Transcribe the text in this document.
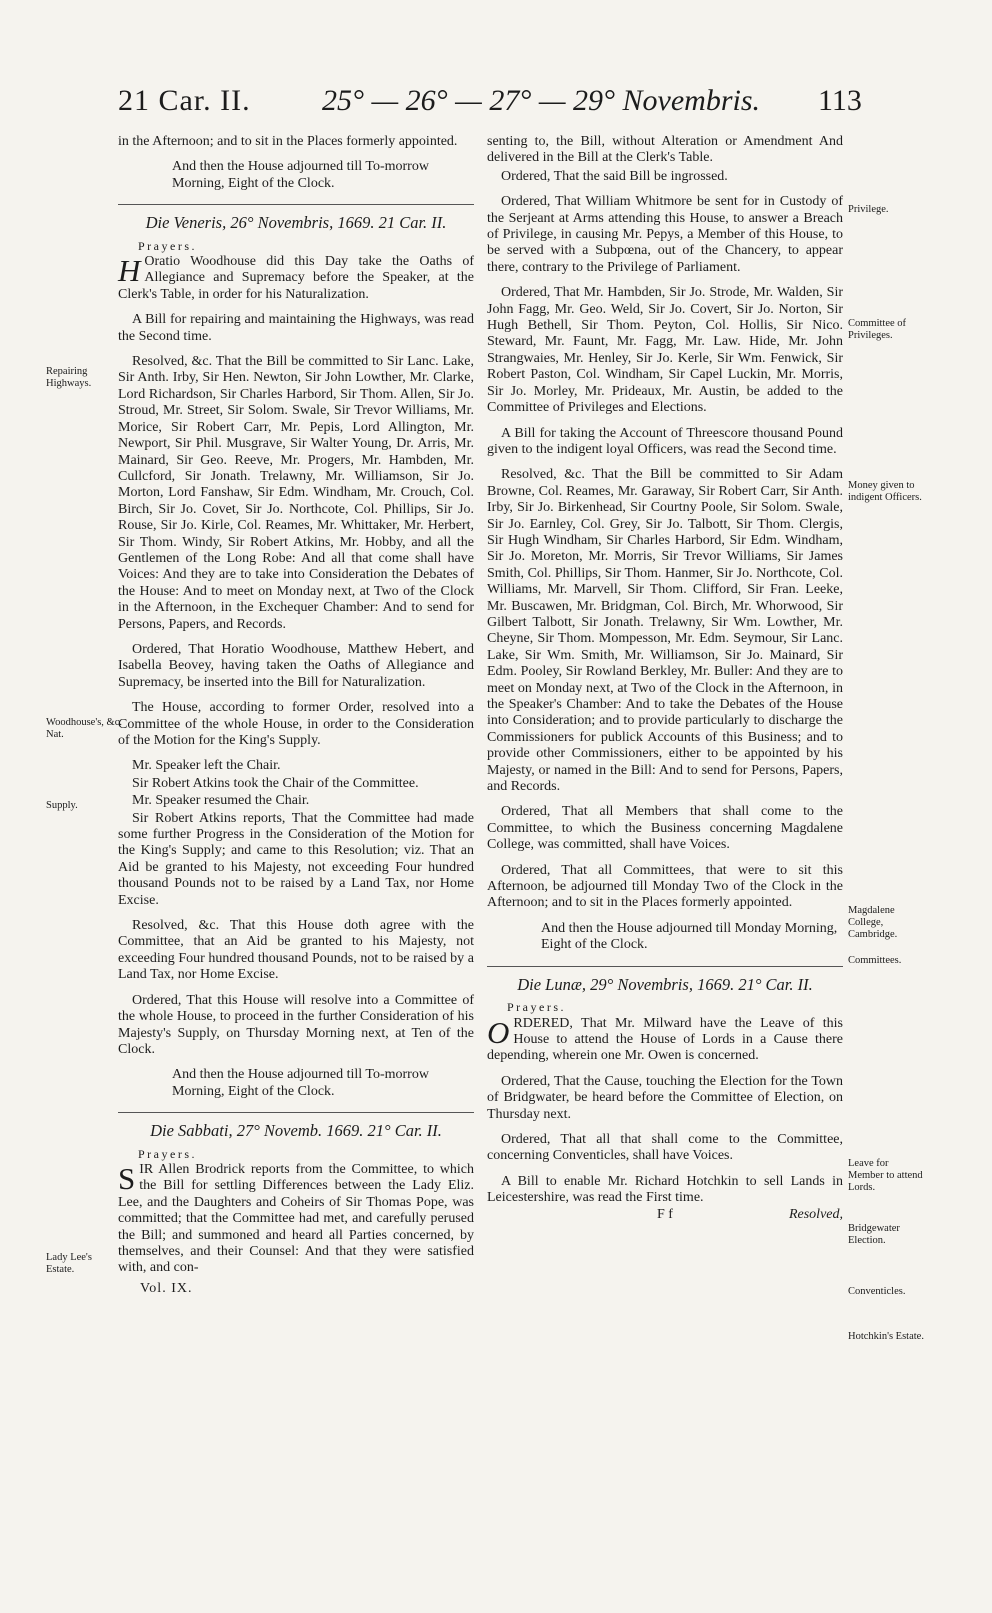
21 Car. II. 25° — 26° — 27° — 29° Novembris. 113

in the Afternoon; and to sit in the Places formerly appointed.

And then the House adjourned till To-morrow Morning, Eight of the Clock.

Die Veneris, 26° Novembris, 1669. 21 Car. II.

Prayers.

H Oratio Woodhouse did this Day take the Oaths of Allegiance and Supremacy before the Speaker, at the Clerk's Table, in order for his Naturalization.

A Bill for repairing and maintaining the Highways, was read the Second time.

Resolved, &c. That the Bill be committed to Sir Lanc. Lake, Sir Anth. Irby, Sir Hen. Newton, Sir John Lowther, Mr. Clarke, Lord Richardson, Sir Charles Harbord, Sir Thom. Allen, Sir Jo. Stroud, Mr. Street, Sir Solom. Swale, Sir Trevor Williams, Mr. Morice, Sir Robert Carr, Mr. Pepis, Lord Allington, Mr. Newport, Sir Phil. Musgrave, Sir Walter Young, Dr. Arris, Mr. Mainard, Sir Geo. Reeve, Mr. Progers, Mr. Hambden, Mr. Cullcford, Sir Jonath. Trelawny, Mr. Williamson, Sir Jo. Morton, Lord Fanshaw, Sir Edm. Windham, Mr. Crouch, Col. Birch, Sir Jo. Covet, Sir Jo. Northcote, Col. Phillips, Sir Jo. Rouse, Sir Jo. Kirle, Col. Reames, Mr. Whittaker, Mr. Herbert, Sir Thom. Windy, Sir Robert Atkins, Mr. Hobby, and all the Gentlemen of the Long Robe: And all that come shall have Voices: And they are to take into Consideration the Debates of the House: And to meet on Monday next, at Two of the Clock in the Afternoon, in the Exchequer Chamber: And to send for Persons, Papers, and Records.

Ordered, That Horatio Woodhouse, Matthew Hebert, and Isabella Beovey, having taken the Oaths of Allegiance and Supremacy, be inserted into the Bill for Naturalization.

The House, according to former Order, resolved into a Committee of the whole House, in order to the Consideration of the Motion for the King's Supply.

Mr. Speaker left the Chair.

Sir Robert Atkins took the Chair of the Committee.

Mr. Speaker resumed the Chair.

Sir Robert Atkins reports, That the Committee had made some further Progress in the Consideration of the Motion for the King's Supply; and came to this Resolution; viz. That an Aid be granted to his Majesty, not exceeding Four hundred thousand Pounds not to be raised by a Land Tax, nor Home Excise.

Resolved, &c. That this House doth agree with the Committee, that an Aid be granted to his Majesty, not exceeding Four hundred thousand Pounds, not to be raised by a Land Tax, nor Home Excise.

Ordered, That this House will resolve into a Committee of the whole House, to proceed in the further Consideration of his Majesty's Supply, on Thursday Morning next, at Ten of the Clock.

And then the House adjourned till To-morrow Morning, Eight of the Clock.

Die Sabbati, 27° Novemb. 1669. 21° Car. II.

Prayers.

SIR Allen Brodrick reports from the Committee, to which the Bill for settling Differences between the Lady Eliz. Lee, and the Daughters and Coheirs of Sir Thomas Pope, was committed; that the Committee had met, and carefully perused the Bill; and summoned and heard all Parties concerned, by themselves, and their Counsel: And that they were satisfied with, and con-

Vol. IX.

senting to, the Bill, without Alteration or Amendment And delivered in the Bill at the Clerk's Table.

Ordered, That the said Bill be ingrossed.

Ordered, That William Whitmore be sent for in Custody of the Serjeant at Arms attending this House, to answer a Breach of Privilege, in causing Mr. Pepys, a Member of this House, to be served with a Subpœna, out of the Chancery, to appear there, contrary to the Privilege of Parliament.

Ordered, That Mr. Hambden, Sir Jo. Strode, Mr. Walden, Sir John Fagg, Mr. Geo. Weld, Sir Jo. Covert, Sir Jo. Norton, Sir Hugh Bethell, Sir Thom. Peyton, Col. Hollis, Sir Nico. Steward, Mr. Faunt, Mr. Fagg, Mr. Law. Hide, Mr. John Strangwaies, Mr. Henley, Sir Jo. Kerle, Sir Wm. Fenwick, Sir Robert Paston, Col. Windham, Sir Capel Luckin, Mr. Morris, Sir Jo. Morley, Mr. Prideaux, Mr. Austin, be added to the Committee of Privileges and Elections.

A Bill for taking the Account of Threescore thousand Pound given to the indigent loyal Officers, was read the Second time.

Resolved, &c. That the Bill be committed to Sir Adam Browne, Col. Reames, Mr. Garaway, Sir Robert Carr, Sir Anth. Irby, Sir Jo. Birkenhead, Sir Courtny Poole, Sir Solom. Swale, Sir Jo. Earnley, Col. Grey, Sir Jo. Talbott, Sir Thom. Clergis, Sir Hugh Windham, Sir Charles Harbord, Sir Edm. Windham, Sir Jo. Moreton, Mr. Morris, Sir Trevor Williams, Sir James Smith, Col. Phillips, Sir Thom. Hanmer, Sir Jo. Northcote, Col. Williams, Mr. Marvell, Sir Thom. Clifford, Sir Fran. Leeke, Mr. Buscawen, Mr. Bridgman, Col. Birch, Mr. Whorwood, Sir Gilbert Talbott, Sir Jonath. Trelawny, Sir Wm. Lowther, Mr. Cheyne, Sir Thom. Mompesson, Mr. Edm. Seymour, Sir Lanc. Lake, Sir Wm. Smith, Mr. Williamson, Sir Jo. Mainard, Sir Edm. Pooley, Sir Rowland Berkley, Mr. Buller: And they are to meet on Monday next, at Two of the Clock in the Afternoon, in the Speaker's Chamber: And to take the Debates of the House into Consideration; and to provide particularly to discharge the Commissioners for publick Accounts of this Business; and to provide other Commissioners, either to be appointed by his Majesty, or named in the Bill: And to send for Persons, Papers, and Records.

Ordered, That all Members that shall come to the Committee, to which the Business concerning Magdalene College, was committed, shall have Voices.

Ordered, That all Committees, that were to sit this Afternoon, be adjourned till Monday Two of the Clock in the Afternoon; and to sit in the Places formerly appointed.

And then the House adjourned till Monday Morning, Eight of the Clock.

Die Lunæ, 29° Novembris, 1669. 21° Car. II.

Prayers.

ORDERED, That Mr. Milward have the Leave of this House to attend the House of Lords in a Cause there depending, wherein one Mr. Owen is concerned.

Ordered, That the Cause, touching the Election for the Town of Bridgwater, be heard before the Committee of Election, on Thursday next.

Ordered, That all that shall come to the Committee, concerning Conventicles, shall have Voices.

A Bill to enable Mr. Richard Hotchkin to sell Lands in Leicestershire, was read the First time.

F f	Resolved,

Repairing Highways.
Woodhouse's, &c. Nat.
Supply.
Lady Lee's Estate.
Privilege.
Committee of Privileges.
Money given to indigent Officers.
Magdalene College, Cambridge.
Committees.
Leave for Member to attend Lords.
Bridgewater Election.
Conventicles.
Hotchkin's Estate.
